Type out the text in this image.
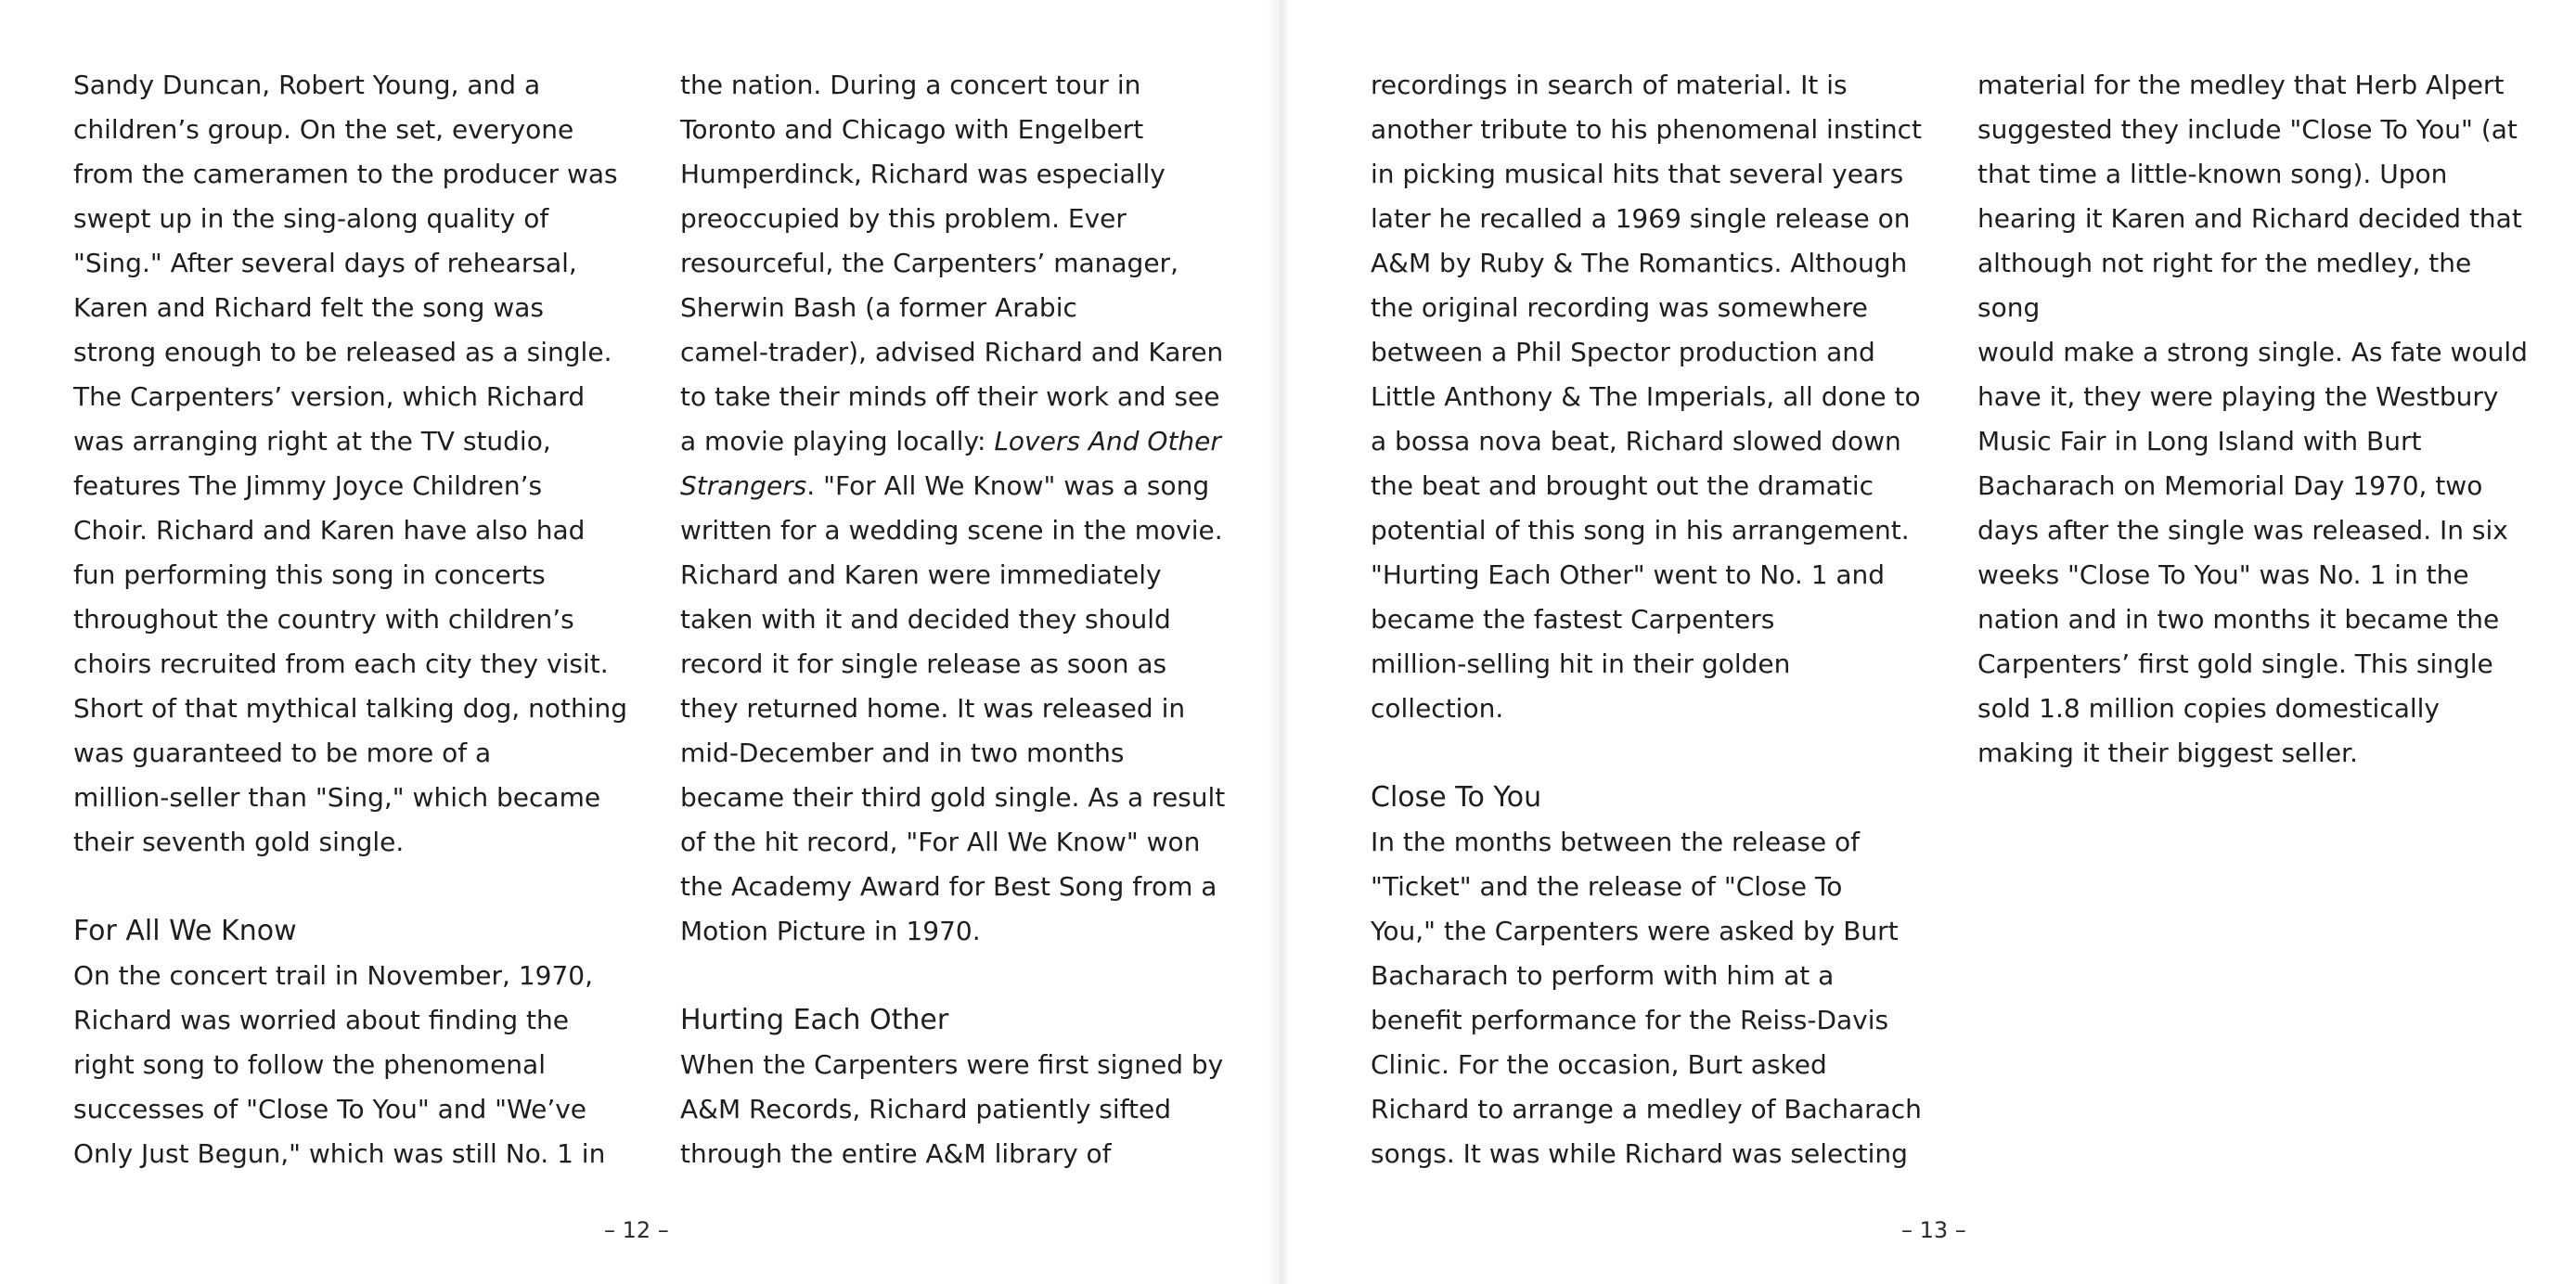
Sandy Duncan, Robert Young, and a
children’s group. On the set, everyone
from the cameramen to the producer was
swept up in the sing-along quality of
"Sing." After several days of rehearsal,
Karen and Richard felt the song was
strong enough to be released as a single.
The Carpenters’ version, which Richard
was arranging right at the TV studio,
features The Jimmy Joyce Children’s
Choir. Richard and Karen have also had
fun performing this song in concerts
throughout the country with children’s
choirs recruited from each city they visit.
Short of that mythical talking dog, nothing
was guaranteed to be more of a
million-seller than "Sing," which became
their seventh gold single.

For All We Know

On the concert trail in November, 1970,
Richard was worried about finding the
right song to follow the phenomenal
successes of "Close To You" and "We’ve
Only Just Begun," which was still No. 1 in

the nation. During a concert tour in
Toronto and Chicago with Engelbert
Humperdinck, Richard was especially
preoccupied by this problem. Ever
resourceful, the Carpenters’ manager,
Sherwin Bash (a former Arabic
camel-trader), advised Richard and Karen
to take their minds off their work and see
a movie playing locally: Lovers And Other
Strangers. "For All We Know" was a song
written for a wedding scene in the movie.
Richard and Karen were immediately
taken with it and decided they should
record it for single release as soon as
they returned home. It was released in
mid-December and in two months
became their third gold single. As a result
of the hit record, "For All We Know" won
the Academy Award for Best Song from a
Motion Picture in 1970.

Hurting Each Other

When the Carpenters were first signed by
A&M Records, Richard patiently sifted
through the entire A&M library of

– 12 –

recordings in search of material. It is
another tribute to his phenomenal instinct
in picking musical hits that several years
later he recalled a 1969 single release on
A&M by Ruby & The Romantics. Although
the original recording was somewhere
between a Phil Spector production and
Little Anthony & The Imperials, all done to
a bossa nova beat, Richard slowed down
the beat and brought out the dramatic
potential of this song in his arrangement.
"Hurting Each Other" went to No. 1 and
became the fastest Carpenters
million-selling hit in their golden
collection.

Close To You

In the months between the release of
"Ticket" and the release of "Close To
You," the Carpenters were asked by Burt
Bacharach to perform with him at a
benefit performance for the Reiss-Davis
Clinic. For the occasion, Burt asked
Richard to arrange a medley of Bacharach
songs. It was while Richard was selecting

material for the medley that Herb Alpert
suggested they include "Close To You" (at
that time a little-known song). Upon
hearing it Karen and Richard decided that
although not right for the medley, the song
would make a strong single. As fate would
have it, they were playing the Westbury
Music Fair in Long Island with Burt
Bacharach on Memorial Day 1970, two
days after the single was released. In six
weeks "Close To You" was No. 1 in the
nation and in two months it became the
Carpenters’ first gold single. This single
sold 1.8 million copies domestically
making it their biggest seller.

– 13 –
